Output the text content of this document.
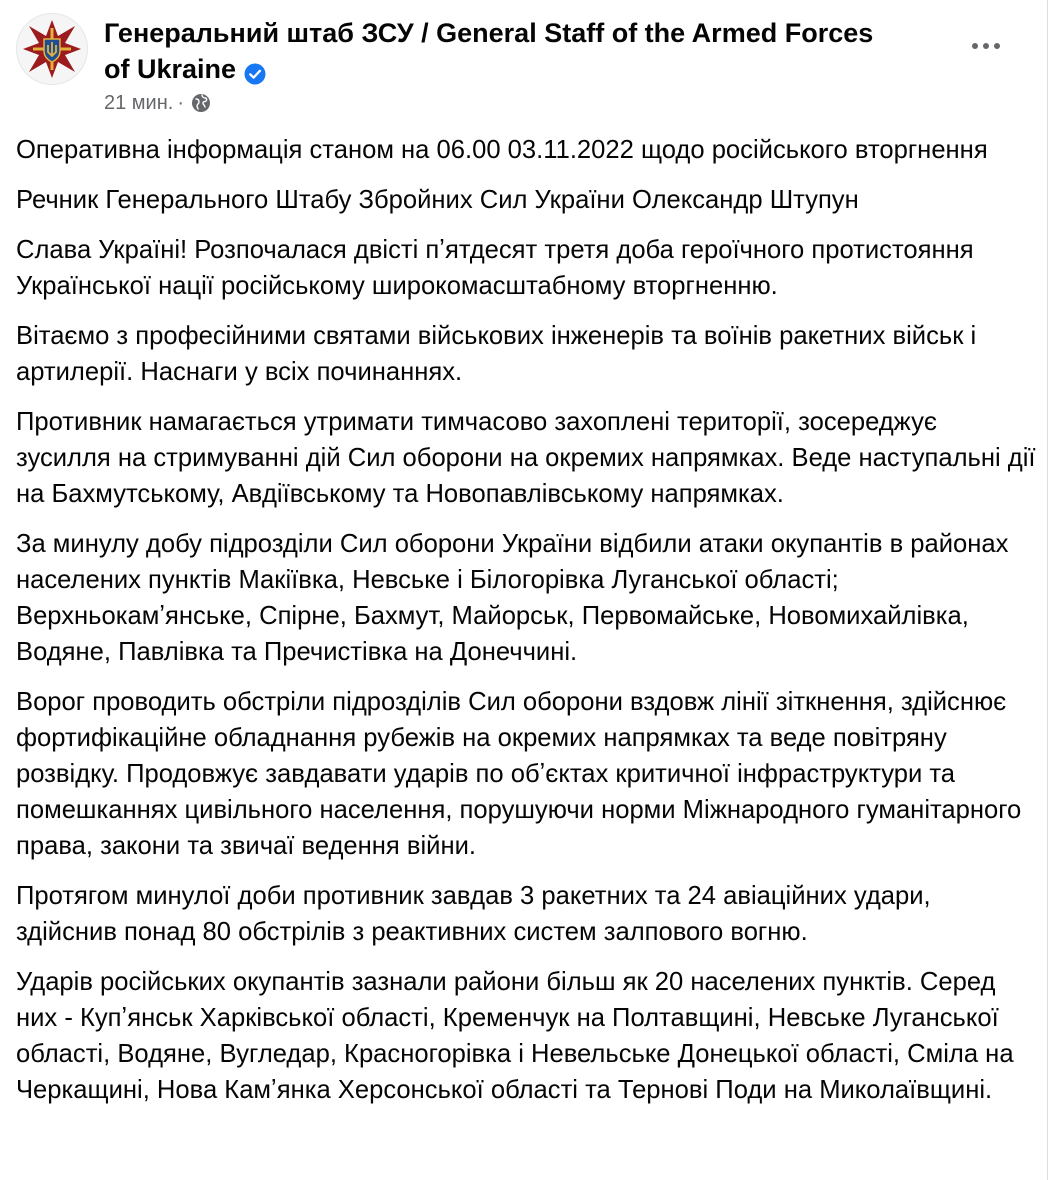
Генеральний штаб ЗСУ / General Staff of the Armed Forces of Ukraine
21 мин. ·

Оперативна інформація станом на 06.00 03.11.2022 щодо російського вторгнення

Речник Генерального Штабу Збройних Сил України Олександр Штупун

Слава Україні! Розпочалася двісті пʼятдесят третя доба героїчного протистояння Української нації російському широкомасштабному вторгненню.

Вітаємо з професійними святами військових інженерів та воїнів ракетних військ і артилерії. Наснаги у всіх починаннях.

Противник намагається утримати тимчасово захоплені території, зосереджує зусилля на стримуванні дій Сил оборони на окремих напрямках. Веде наступальні дії на Бахмутському, Авдіївському та Новопавлівському напрямках.

За минулу добу підрозділи Сил оборони України відбили атаки окупантів в районах населених пунктів Макіївка, Невське і Білогорівка Луганської області; Верхньокамʼянське, Спірне, Бахмут, Майорськ, Первомайське, Новомихайлівка, Водяне, Павлівка та Пречистівка на Донеччині.

Ворог проводить обстріли підрозділів Сил оборони вздовж лінії зіткнення, здійснює фортифікаційне обладнання рубежів на окремих напрямках та веде повітряну розвідку. Продовжує завдавати ударів по обʼєктах критичної інфраструктури та помешканнях цивільного населення, порушуючи норми Міжнародного гуманітарного права, закони та звичаї ведення війни.

Протягом минулої доби противник завдав 3 ракетних та 24 авіаційних удари, здійснив понад 80 обстрілів з реактивних систем залпового вогню.

Ударів російських окупантів зазнали райони більш як 20 населених пунктів. Серед них - Купʼянськ Харківської області, Кременчук на Полтавщині, Невське Луганської області, Водяне, Вугледар, Красногорівка і Невельське Донецької області, Сміла на Черкащині, Нова Камʼянка Херсонської області та Тернові Поди на Миколаївщині.
